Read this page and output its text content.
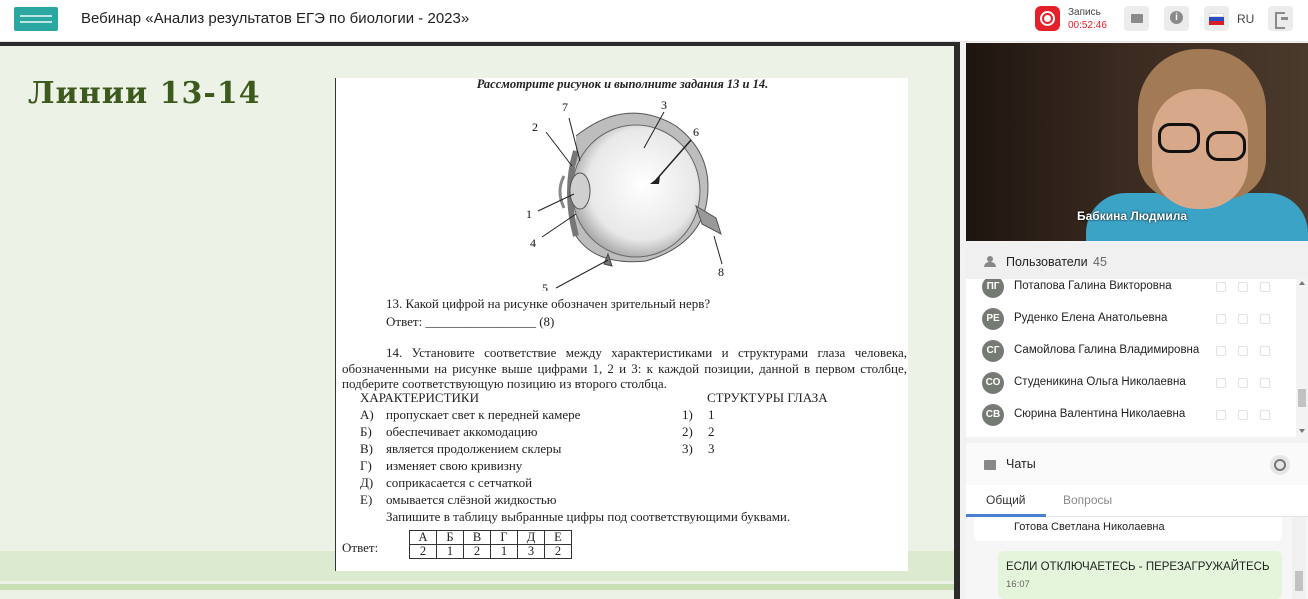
Вебинар «Анализ результатов ЕГЭ по биологии - 2023»	Запись
00:52:46 i	RU
Линии 13-14	Рассмотрите рисунок и выполните задания 13 и 14.
7	3
2	6
1
4
8
5
13. Какой цифрой на рисунке обозначен зрительный нерв?
Ответ: _________________ (8)
14. Установите соответствие между характеристиками и структурами глаза человека, обозначенными на рисунке выше цифрами 1, 2 и 3: к каждой позиции, данной в первом столбце, подберите соответствующую позицию из второго столбца.
ХАРАКТЕРИСТИКИ	СТРУКТУРЫ ГЛАЗА
А) пропускает свет к передней камере
Б) обеспечивает аккомодацию
В) является продолжением склеры
Г) изменяет свою кривизну
Д) соприкасается с сетчаткой
Е) омывается слёзной жидкостью
1) 1
2) 2
3) 3
Запишите в таблицу выбранные цифры под соответствующими буквами.
Ответ:
А	Б	В	Г	Д	Е
2	1	2	1	3	2
Бабкина Людмила
Пользователи 45
ПГ	Потапова Галина Викторовна
РЕ	Руденко Елена Анатольевна
СГ	Самойлова Галина Владимировна
СО	Студеникина Ольга Николаевна
СВ	Сюрина Валентина Николаевна
Чаты
Общий	Вопросы
Готова Светлана Николаевна
ЕСЛИ ОТКЛЮЧАЕТЕСЬ - ПЕРЕЗАГРУЖАЙТЕСЬ
16:07
